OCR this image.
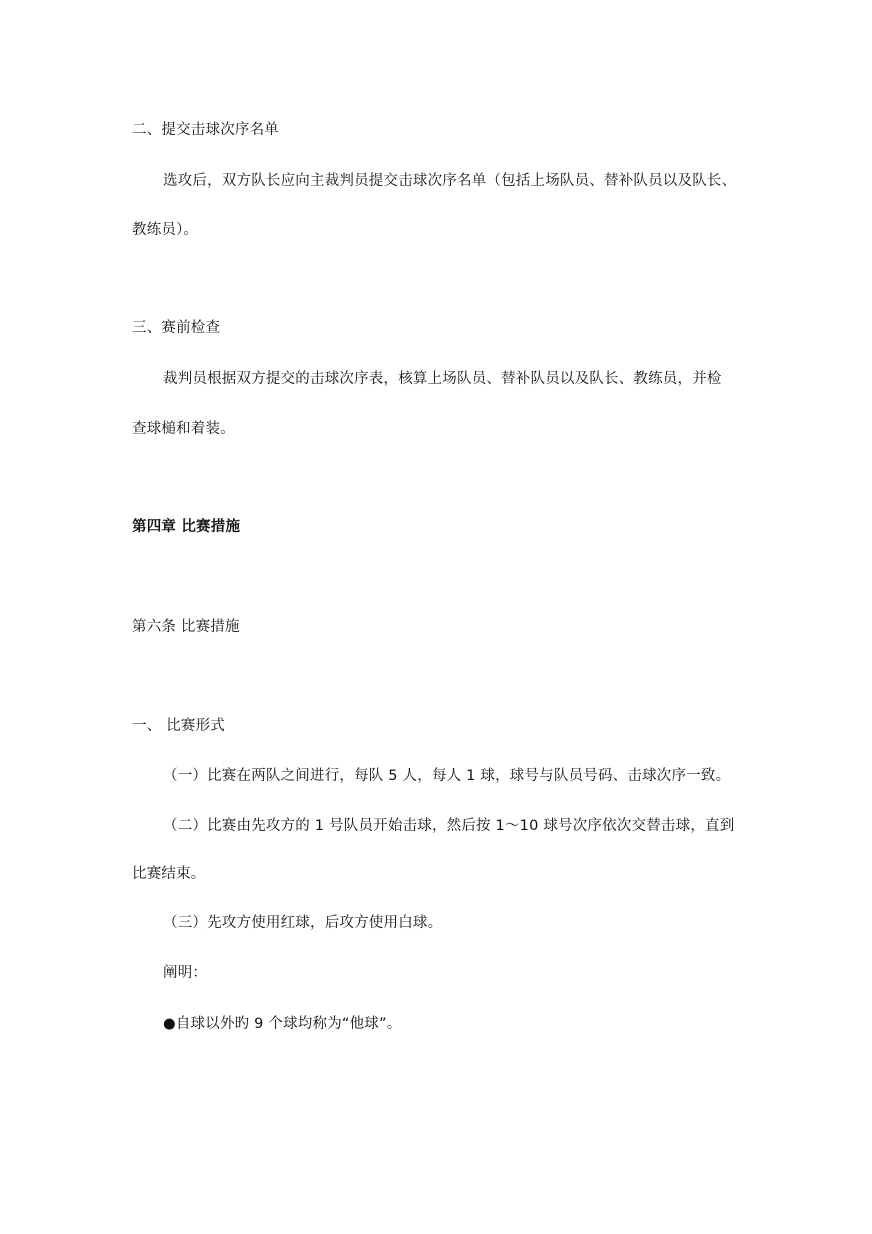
二、提交击球次序名单
选攻后，双方队长应向主裁判员提交击球次序名单（包括上场队员、替补队员以及队长、
教练员）。
三、赛前检查
裁判员根据双方提交的击球次序表，核算上场队员、替补队员以及队长、教练员，并检
查球槌和着装。
第四章 比赛措施
第六条 比赛措施
一、 比赛形式
（一）比赛在两队之间进行，每队 5 人，每人 1 球，球号与队员号码、击球次序一致。
（二）比赛由先攻方的 1 号队员开始击球，然后按 1～10 球号次序依次交替击球，直到
比赛结束。
（三）先攻方使用红球，后攻方使用白球。
阐明：
●自球以外旳 9 个球均称为“他球”。
